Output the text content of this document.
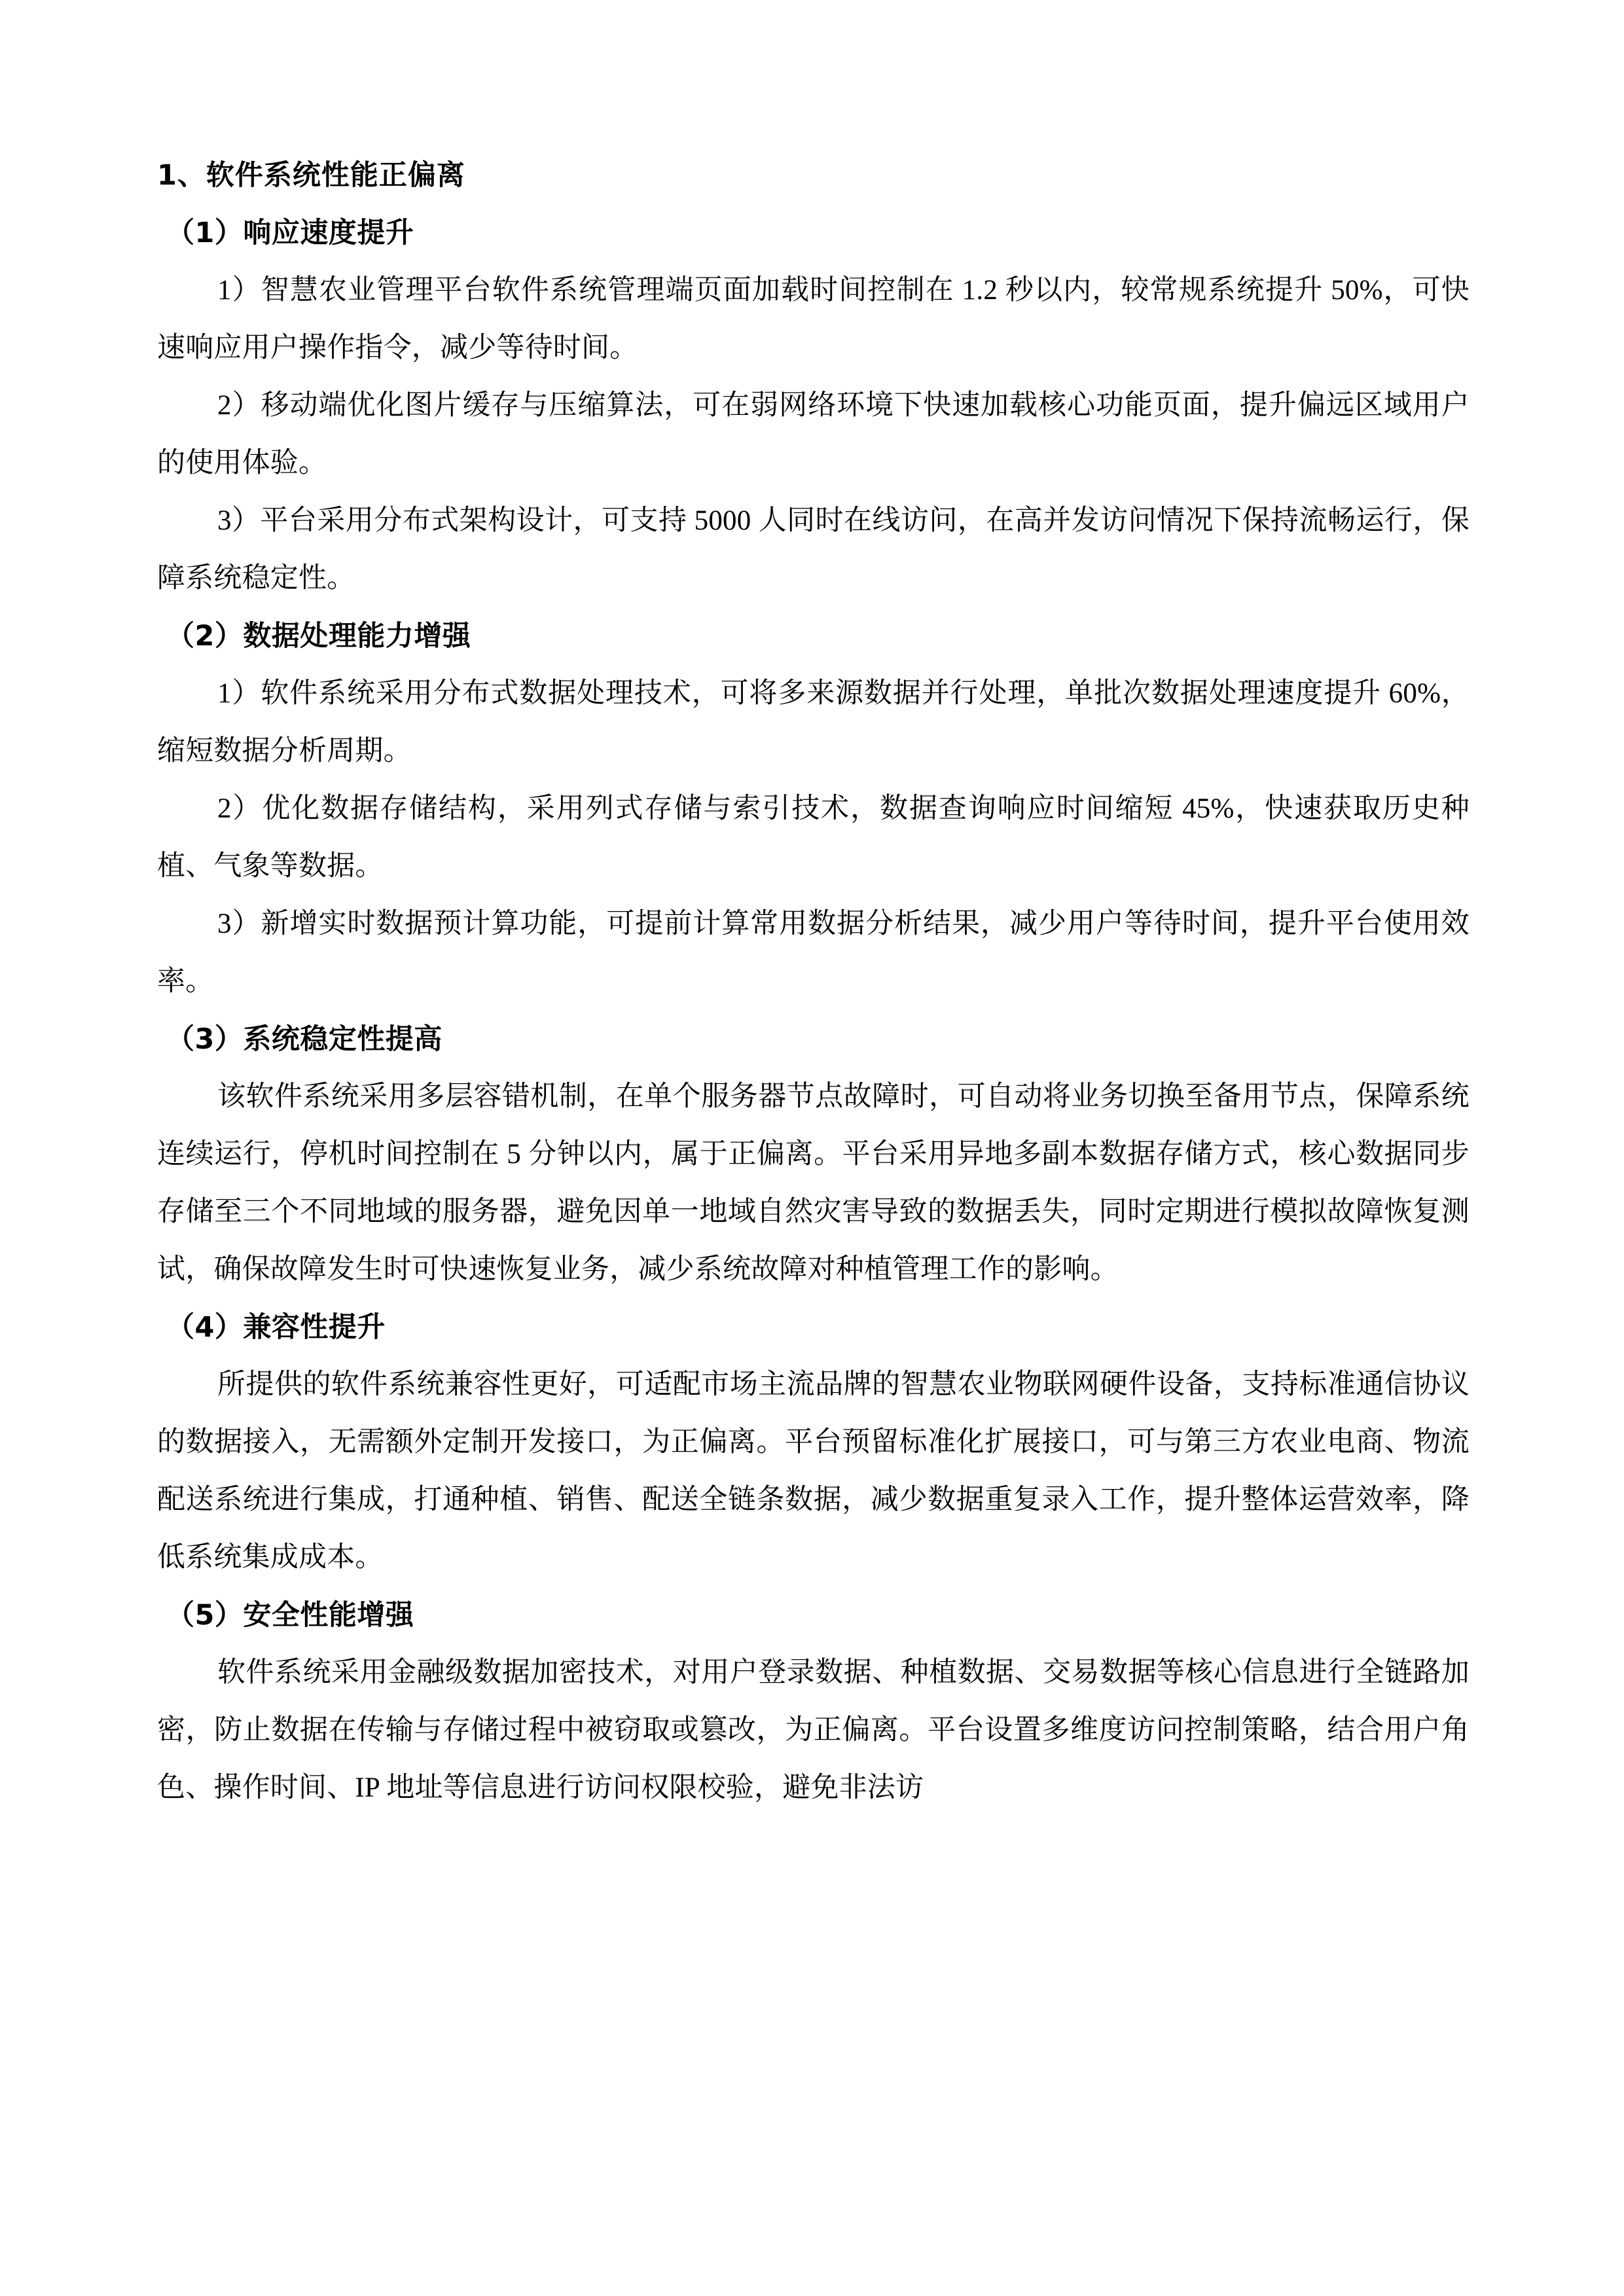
1、软件系统性能正偏离
（1）响应速度提升

1）智慧农业管理平台软件系统管理端页面加载时间控制在 1.2 秒以内，较常规系统提升 50%，可快速响应用户操作指令，减少等待时间。

2）移动端优化图片缓存与压缩算法，可在弱网络环境下快速加载核心功能页面，提升偏远区域用户的使用体验。

3）平台采用分布式架构设计，可支持 5000 人同时在线访问，在高并发访问情况下保持流畅运行，保障系统稳定性。

（2）数据处理能力增强

1）软件系统采用分布式数据处理技术，可将多来源数据并行处理，单批次数据处理速度提升 60%，缩短数据分析周期。

2）优化数据存储结构，采用列式存储与索引技术，数据查询响应时间缩短 45%，快速获取历史种植、气象等数据。

3）新增实时数据预计算功能，可提前计算常用数据分析结果，减少用户等待时间，提升平台使用效率。

（3）系统稳定性提高

该软件系统采用多层容错机制，在单个服务器节点故障时，可自动将业务切换至备用节点，保障系统连续运行，停机时间控制在 5 分钟以内，属于正偏离。平台采用异地多副本数据存储方式，核心数据同步存储至三个不同地域的服务器，避免因单一地域自然灾害导致的数据丢失，同时定期进行模拟故障恢复测试，确保故障发生时可快速恢复业务，减少系统故障对种植管理工作的影响。

（4）兼容性提升

所提供的软件系统兼容性更好，可适配市场主流品牌的智慧农业物联网硬件设备，支持标准通信协议的数据接入，无需额外定制开发接口，为正偏离。平台预留标准化扩展接口，可与第三方农业电商、物流配送系统进行集成，打通种植、销售、配送全链条数据，减少数据重复录入工作，提升整体运营效率，降低系统集成成本。

（5）安全性能增强

软件系统采用金融级数据加密技术，对用户登录数据、种植数据、交易数据等核心信息进行全链路加密，防止数据在传输与存储过程中被窃取或篡改，为正偏离。平台设置多维度访问控制策略，结合用户角色、操作时间、IP 地址等信息进行访问权限校验，避免非法访
